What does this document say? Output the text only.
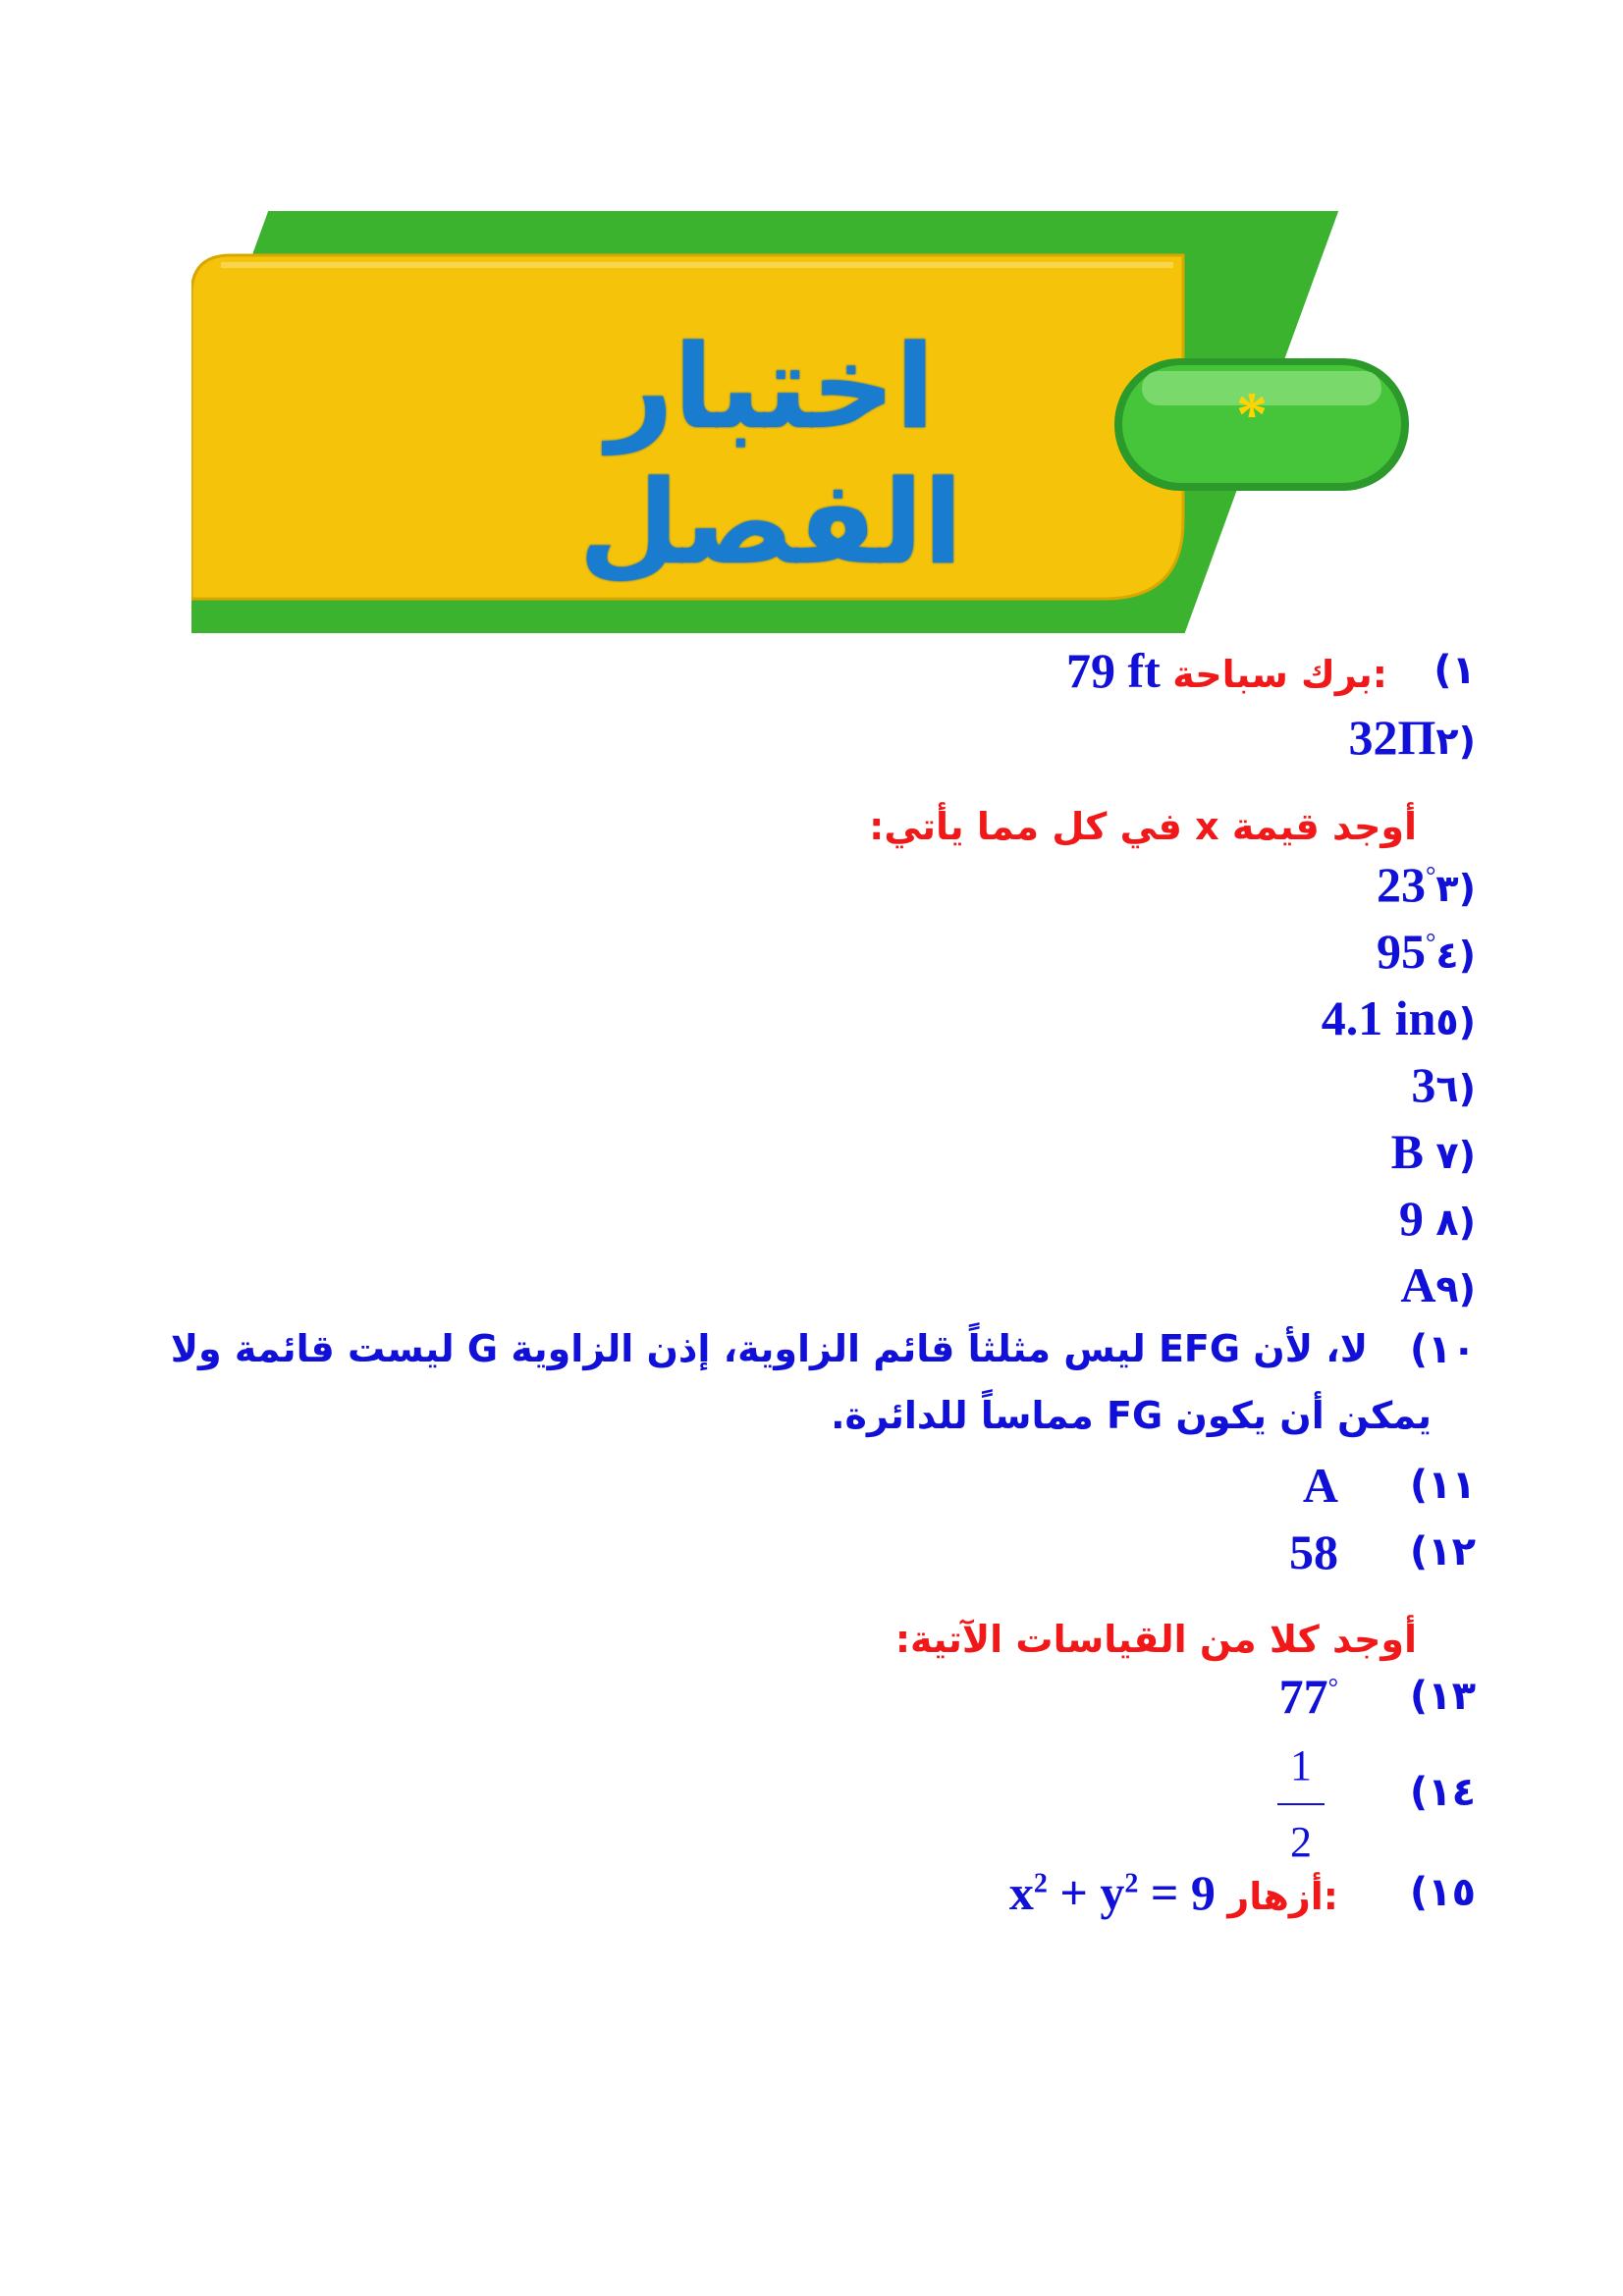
اختبار الفصل
*
١)
79 ft برك سباحة:
32Π٢)
أوجد قيمة x في كل مما يأتي:
23°٣)
95°٤)
4.1 in٥)
3٦)
B ٧)
9 ٨)
A٩)
١٠)
لا، لأن EFG ليس مثلثاً قائم الزاوية، إذن الزاوية G ليست قائمة ولا
يمكن أن يكون FG مماساً للدائرة.
١١)
A
١٢)
58
أوجد كلا من القياسات الآتية:
١٣)
77°
١٤)
1
2
١٥)
$x^2 + y^2 = 9$ أزهار:
